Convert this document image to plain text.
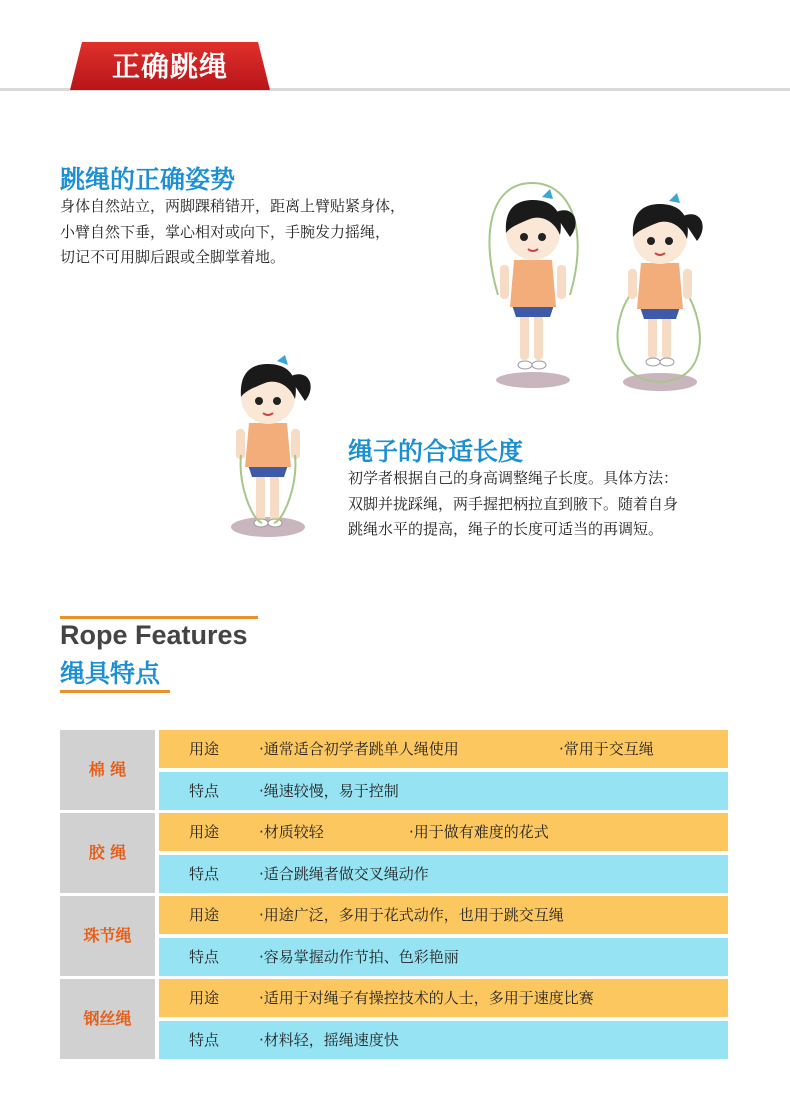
正确跳绳
跳绳的正确姿势
身体自然站立，两脚踝稍错开，距离上臂贴紧身体，
小臂自然下垂，掌心相对或向下，手腕发力摇绳，
切记不可用脚后跟或全脚掌着地。
绳子的合适长度
初学者根据自己的身高调整绳子长度。具体方法：
双脚并拢踩绳，两手握把柄拉直到腋下。随着自身
跳绳水平的提高，绳子的长度可适当的再调短。
Rope Features
绳具特点
棉 绳
用途	·通常适合初学者跳单人绳使用	·常用于交互绳
特点	·绳速较慢，易于控制
胶 绳
用途	·材质较轻	·用于做有难度的花式
特点	·适合跳绳者做交叉绳动作
珠节绳
用途	·用途广泛，多用于花式动作，也用于跳交互绳
特点	·容易掌握动作节拍、色彩艳丽
钢丝绳
用途	·适用于对绳子有操控技术的人士，多用于速度比赛
特点	·材料轻，摇绳速度快
